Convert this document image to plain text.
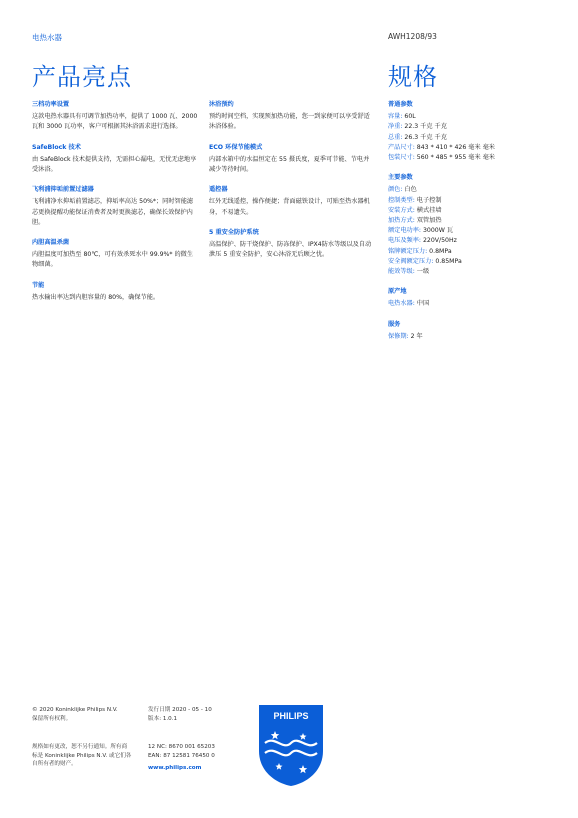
电热水器	AWH1208/93
产品亮点	规格
三档功率设置
这款电热水器具有可调节加热功率，提供了 1000 瓦、2000 瓦和 3000 瓦功率，客户可根据其沐浴需求进行选择。
SafeBlock 技术
由 SafeBlock 技术提供支持，无需担心漏电，无忧无虑地享受沐浴。
飞利浦抑垢前置过滤器
飞利浦净水抑垢前置滤芯，抑垢率高达 50%*；同时智能滤芯更换提醒功能保证消费者及时更换滤芯，确保长效保护内胆。
内胆高温杀菌
内胆温度可加热至 80℃，可有效杀死水中 99.9%* 的微生物细菌。
节能
热水输出率达到内胆容量的 80%，确保节能。
沐浴预约
预约时间空档，实现预加热功能，您一到家便可以享受舒适沐浴体验。
ECO 环保节能模式
内部水箱中的水温恒定在 55 摄氏度，夏季可节能、节电并减少等待时间。
遥控器
红外无线遥控，操作便捷；背面磁铁设计，可贴至热水器机身，不易遗失。
5 重安全防护系统
高温保护、防干烧保护、防冻保护、IPX4防水等级以及自动泄压 5 重安全防护，安心沐浴无后顾之忧。
普通参数
容量: 60L
净重: 22.3 千克 千克
总重: 26.3 千克 千克
产品尺寸: 843 * 410 * 426 毫米 毫米
包装尺寸: 560 * 485 * 955 毫米 毫米
主要参数
颜色: 白色
控制类型: 电子控制
安装方式: 横式挂墙
加热方式: 双管加热
额定电功率: 3000W 瓦
电压及频率: 220V/50Hz
铭牌额定压力: 0.8MPa
安全阀额定压力: 0.85MPa
能效等级: 一级
原产地
电热水器: 中国
服务
保修期: 2 年
© 2020 Koninklijke Philips N.V.
保留所有权利。
规格如有更改，恕不另行通知。所有商
标是 Koninklijke Philips N.V. 或它们各
自所有者的财产。
发行日期 2020 - 05 - 10
版本: 1.0.1
12 NC: 8670 001 65203
EAN: 87 12581 76450 0
www.philips.com
PHILIPS
